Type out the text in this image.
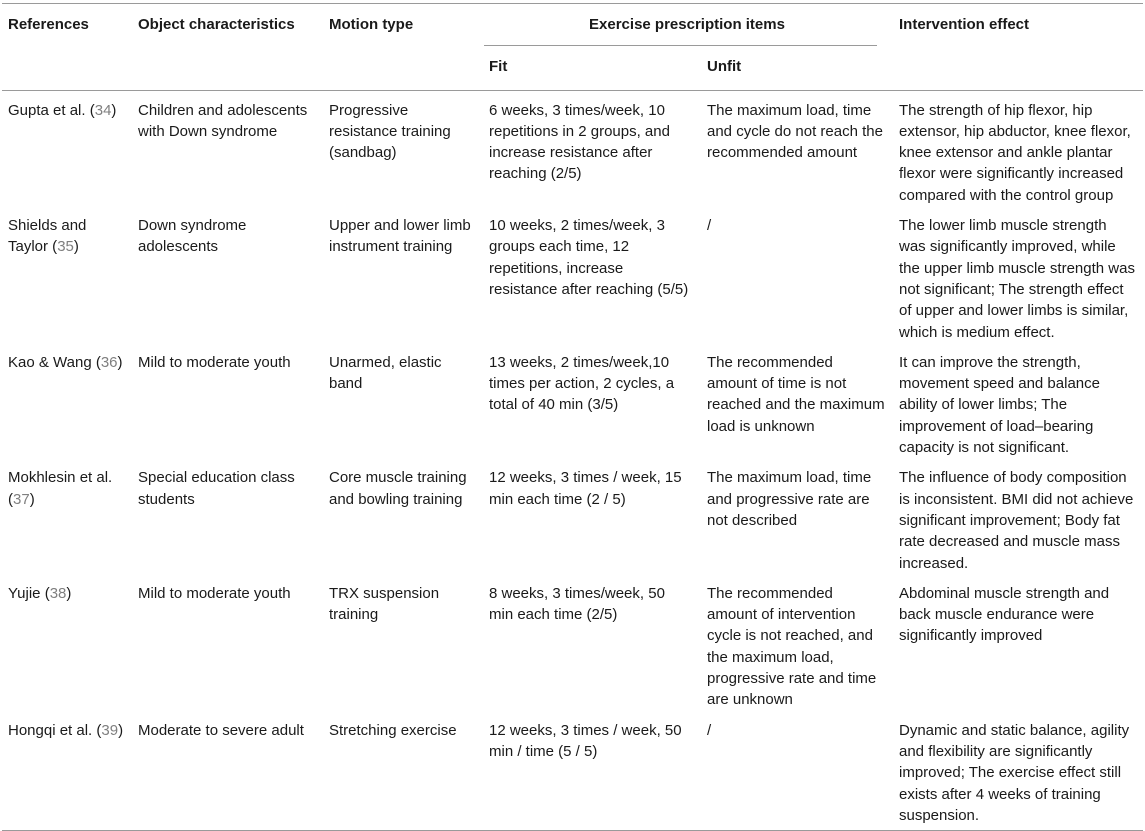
References	Object characteristics	Motion type	Exercise prescription items		Intervention effect
			Fit	Unfit	
Gupta et al. (34)	Children and adolescents with Down syndrome	Progressive resistance training (sandbag)	6 weeks, 3 times/week, 10 repetitions in 2 groups, and increase resistance after reaching (2/5)	The maximum load, time and cycle do not reach the recommended amount	The strength of hip flexor, hip extensor, hip abductor, knee flexor, knee extensor and ankle plantar flexor were significantly increased compared with the control group
Shields and Taylor (35)	Down syndrome adolescents	Upper and lower limb instrument training	10 weeks, 2 times/week, 3 groups each time, 12 repetitions, increase resistance after reaching (5/5)	/	The lower limb muscle strength was significantly improved, while the upper limb muscle strength was not significant; The strength effect of upper and lower limbs is similar, which is medium effect.
Kao & Wang (36)	Mild to moderate youth	Unarmed, elastic band	13 weeks, 2 times/week,10 times per action, 2 cycles, a total of 40 min (3/5)	The recommended amount of time is not reached and the maximum load is unknown	It can improve the strength, movement speed and balance ability of lower limbs; The improvement of load–bearing capacity is not significant.
Mokhlesin et al. (37)	Special education class students	Core muscle training and bowling training	12 weeks, 3 times / week, 15 min each time (2 / 5)	The maximum load, time and progressive rate are not described	The influence of body composition is inconsistent. BMI did not achieve significant improvement; Body fat rate decreased and muscle mass increased.
Yujie (38)	Mild to moderate youth	TRX suspension training	8 weeks, 3 times/week, 50 min each time (2/5)	The recommended amount of intervention cycle is not reached, and the maximum load, progressive rate and time are unknown	Abdominal muscle strength and back muscle endurance were significantly improved
Hongqi et al. (39)	Moderate to severe adult	Stretching exercise	12 weeks, 3 times / week, 50 min / time (5 / 5)	/	Dynamic and static balance, agility and flexibility are significantly improved; The exercise effect still exists after 4 weeks of training suspension.
